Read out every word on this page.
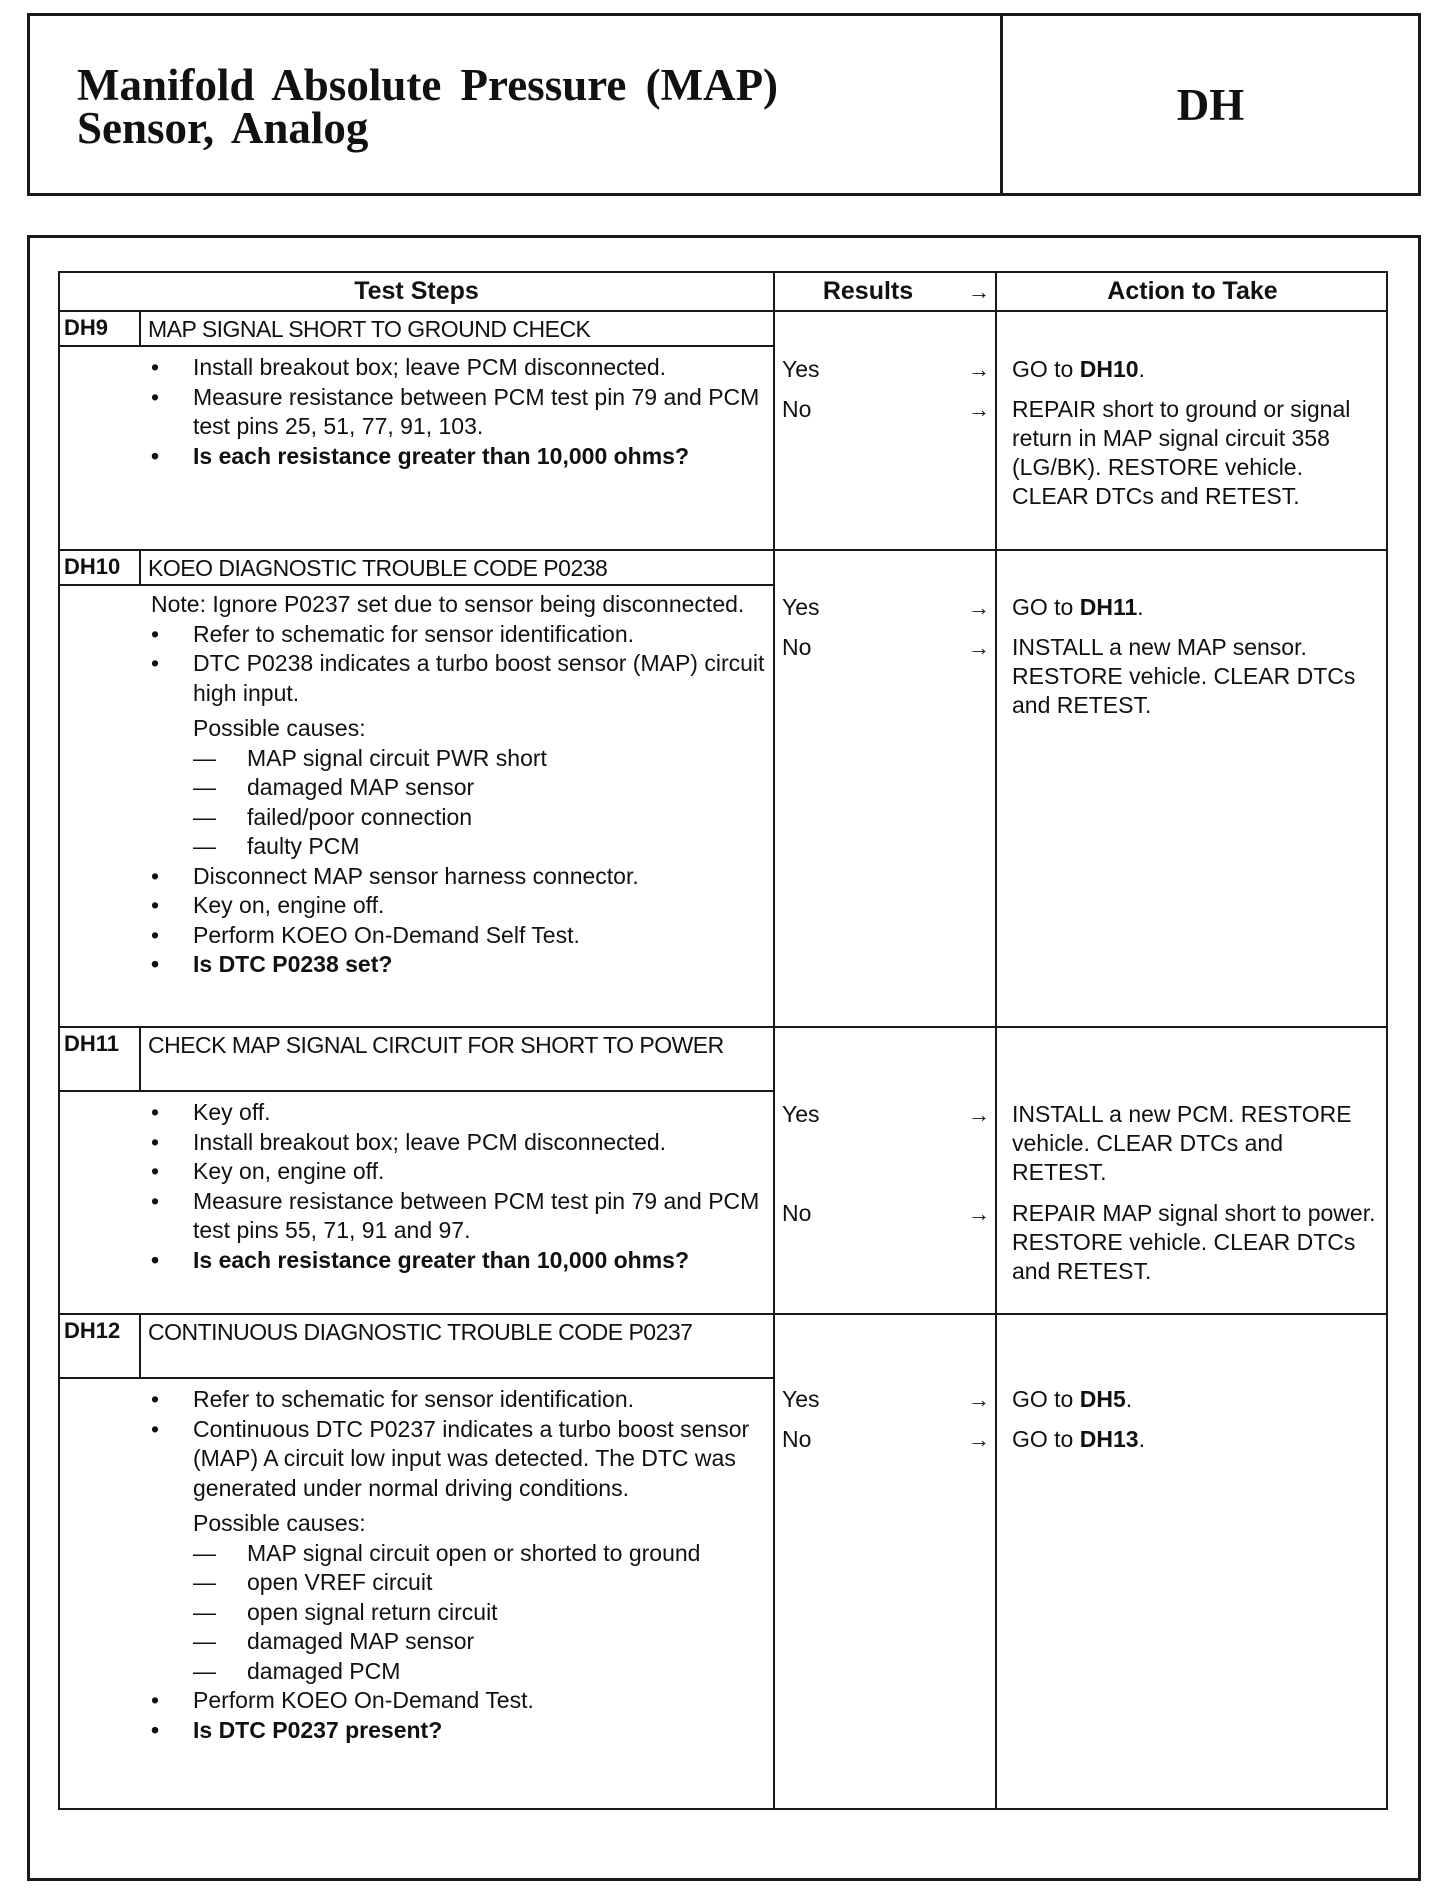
Manifold Absolute Pressure (MAP)
Sensor, Analog	DH
Test Steps	Results	→	Action to Take
DH9	MAP SIGNAL SHORT TO GROUND CHECK
• Install breakout box; leave PCM disconnected.
• Measure resistance between PCM test pin 79 and PCM test pins 25, 51, 77, 91, 103.
• Is each resistance greater than 10,000 ohms?
Yes	→ GO to DH10.
No	→ REPAIR short to ground or signal return in MAP signal circuit 358 (LG/BK). RESTORE vehicle. CLEAR DTCs and RETEST.
DH10	KOEO DIAGNOSTIC TROUBLE CODE P0238
Note: Ignore P0237 set due to sensor being disconnected.
• Refer to schematic for sensor identification.
• DTC P0238 indicates a turbo boost sensor (MAP) circuit high input.
Possible causes:
— MAP signal circuit PWR short
— damaged MAP sensor
— failed/poor connection
— faulty PCM
• Disconnect MAP sensor harness connector.
• Key on, engine off.
• Perform KOEO On-Demand Self Test.
• Is DTC P0238 set?
Yes	→ GO to DH11.
No	→ INSTALL a new MAP sensor. RESTORE vehicle. CLEAR DTCs and RETEST.
DH11	CHECK MAP SIGNAL CIRCUIT FOR SHORT TO POWER
• Key off.
• Install breakout box; leave PCM disconnected.
• Key on, engine off.
• Measure resistance between PCM test pin 79 and PCM test pins 55, 71, 91 and 97.
• Is each resistance greater than 10,000 ohms?
Yes	→ INSTALL a new PCM. RESTORE vehicle. CLEAR DTCs and RETEST.
No	→ REPAIR MAP signal short to power. RESTORE vehicle. CLEAR DTCs and RETEST.
DH12	CONTINUOUS DIAGNOSTIC TROUBLE CODE P0237
• Refer to schematic for sensor identification.
• Continuous DTC P0237 indicates a turbo boost sensor (MAP) A circuit low input was detected. The DTC was generated under normal driving conditions.
Possible causes:
— MAP signal circuit open or shorted to ground
— open VREF circuit
— open signal return circuit
— damaged MAP sensor
— damaged PCM
• Perform KOEO On-Demand Test.
• Is DTC P0237 present?
Yes	→ GO to DH5.
No	→ GO to DH13.
